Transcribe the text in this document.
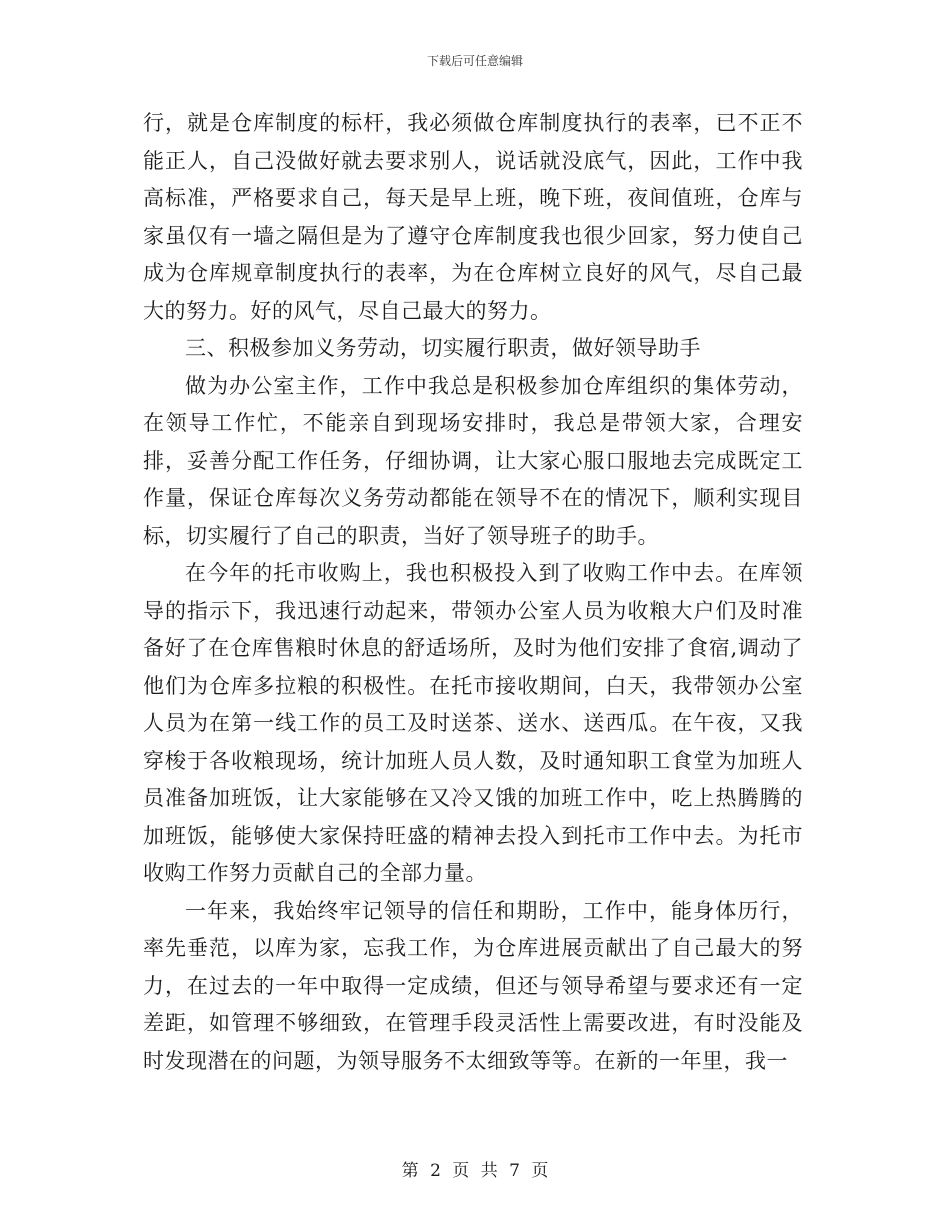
下载后可任意编辑

行，就是仓库制度的标杆，我必须做仓库制度执行的表率，已不正不能正人，自己没做好就去要求别人，说话就没底气，因此，工作中我高标准，严格要求自己，每天是早上班，晚下班，夜间值班，仓库与家虽仅有一墙之隔但是为了遵守仓库制度我也很少回家，努力使自己成为仓库规章制度执行的表率，为在仓库树立良好的风气，尽自己最大的努力。好的风气，尽自己最大的努力。

三、积极参加义务劳动，切实履行职责，做好领导助手

做为办公室主作，工作中我总是积极参加仓库组织的集体劳动，在领导工作忙，不能亲自到现场安排时，我总是带领大家，合理安排，妥善分配工作任务，仔细协调，让大家心服口服地去完成既定工作量，保证仓库每次义务劳动都能在领导不在的情况下，顺利实现目标，切实履行了自己的职责，当好了领导班子的助手。

在今年的托市收购上，我也积极投入到了收购工作中去。在库领导的指示下，我迅速行动起来，带领办公室人员为收粮大户们及时准备好了在仓库售粮时休息的舒适场所，及时为他们安排了食宿,调动了他们为仓库多拉粮的积极性。在托市接收期间，白天，我带领办公室人员为在第一线工作的员工及时送茶、送水、送西瓜。在午夜，又我穿梭于各收粮现场，统计加班人员人数，及时通知职工食堂为加班人员准备加班饭，让大家能够在又冷又饿的加班工作中，吃上热腾腾的加班饭，能够使大家保持旺盛的精神去投入到托市工作中去。为托市收购工作努力贡献自己的全部力量。

一年来，我始终牢记领导的信任和期盼，工作中，能身体历行，率先垂范，以库为家，忘我工作，为仓库进展贡献出了自己最大的努力，在过去的一年中取得一定成绩，但还与领导希望与要求还有一定差距，如管理不够细致，在管理手段灵活性上需要改进，有时没能及时发现潜在的问题，为领导服务不太细致等等。在新的一年里，我一

第 2 页 共 7 页
